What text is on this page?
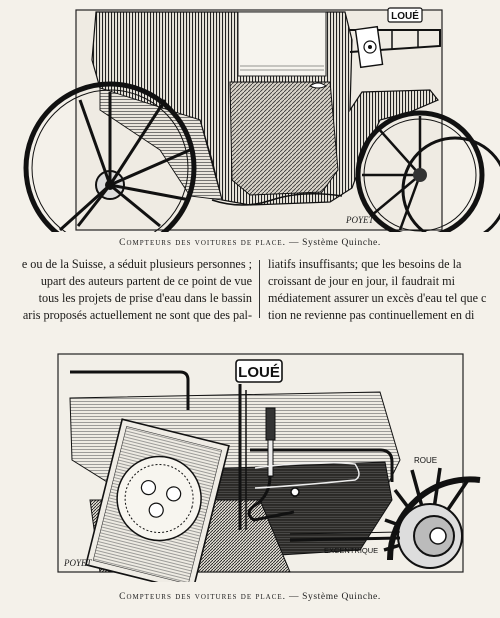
LOUÉ
POYET
Compteurs des voitures de place. — Système Quinche.
e ou de la Suisse, a séduit plusieurs personnes ;
upart des auteurs partent de ce point de vue
tous les projets de prise d'eau dans le bassin
aris proposés actuellement ne sont que des pal-
liatifs insuffisants; que les besoins de la
croissant de jour en jour, il faudrait mi
médiatement assurer un excès d'eau tel que c
tion ne revienne pas continuellement en di
LOUÉ
ROUE
EXCENTRIQUE
POYET
Compteurs des voitures de place. — Système Quinche.
